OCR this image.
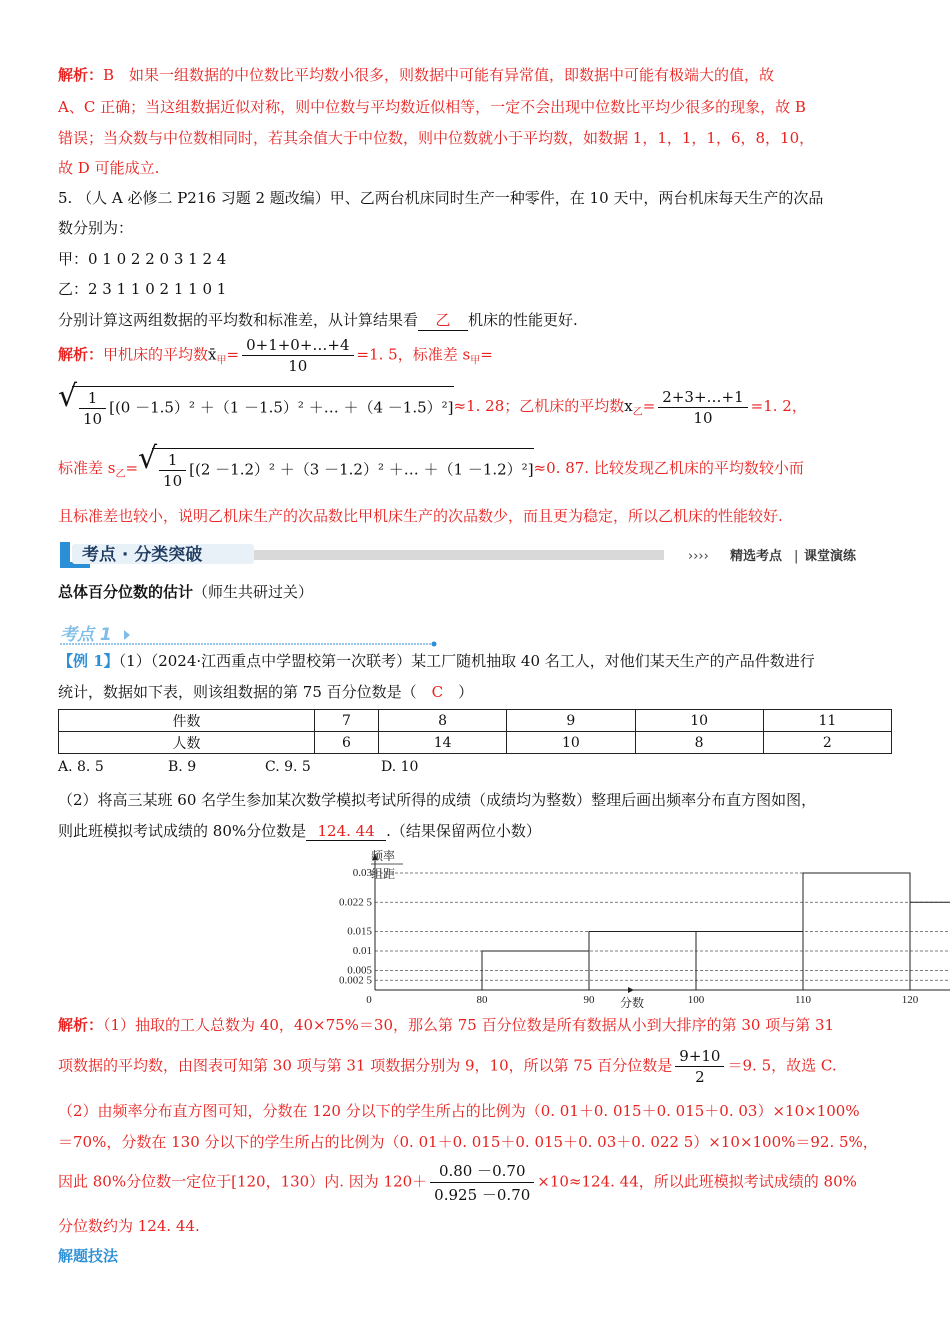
解析：B　如果一组数据的中位数比平均数小很多，则数据中可能有异常值，即数据中可能有极端大的值，故
A、C 正确；当这组数据近似对称，则中位数与平均数近似相等，一定不会出现中位数比平均少很多的现象，故 B
错误；当众数与中位数相同时，若其余值大于中位数，则中位数就小于平均数，如数据 1，1，1，1，6，8，10，
故 D 可能成立.
5. （人 A 必修二 P216 习题 2 题改编）甲、乙两台机床同时生产一种零件，在 10 天中，两台机床每天生产的次品
数分别为：
甲：0 1 0 2 2 0 3 1 2 4
乙：2 3 1 1 0 2 1 1 0 1
分别计算这两组数据的平均数和标准差，从计算结果看 乙 机床的性能更好.
解析：甲机床的平均数$x̄_甲= \frac{0+1+0+\dots+4}{10} =1$. 5，标准差 $s_甲=$
√ $\frac{1}{10} [(0 -1.5)^2 +(1 -1.5)^2$ ＋… ＋（4 －1.5）²]≈1. 28；乙机床的平均数$x_乙= \frac{2+3+\dots+1}{10} =1$. 2，
标准差 $s_乙=$ √ $\frac{1}{10} [(2 -1.2)^2 +(3 -1.2)^2$ ＋… ＋（1 －1.2）²]≈0. 87. 比较发现乙机床的平均数较小而
且标准差也较小，说明乙机床生产的次品数比甲机床生产的次品数少，而且更为稳定，所以乙机床的性能较好.
考点 · 分类突破	›››› 精选考点 | 课堂演练
总体百分位数的估计（师生共研过关）
考点 1
【例 1】（1）（2024·江西重点中学盟校第一次联考）某工厂随机抽取 40 名工人，对他们某天生产的产品件数进行
统计，数据如下表，则该组数据的第 75 百分位数是（　C　）
件数	7	8	9	10	11
人数	6	14	10	8	2
A. 8. 5	B. 9	C. 9. 5	D. 10
（2）将高三某班 60 名学生参加某次数学模拟考试所得的成绩（成绩均为整数）整理后画出频率分布直方图如图，
则此班模拟考试成绩的 80%分位数是 124. 44 .（结果保留两位小数）
0.03
0.022 5
0.015
0.01
0.005
0.002 5
80	90	100	110	120
0	分数
频率
组距
解析：（1）抽取的工人总数为 40，40×75%＝30，那么第 75 百分位数是所有数据从小到大排序的第 30 项与第 31
项数据的平均数，由图表可知第 30 项与第 31 项数据分别为 9，10，所以第 75 百分位数是 $\frac{9+10}{2} =9$. 5，故选 C.
（2）由频率分布直方图可知，分数在 120 分以下的学生所占的比例为（0. 01＋0. 015＋0. 015＋0. 03）×10×100%
＝70%，分数在 130 分以下的学生所占的比例为（0. 01＋0. 015＋0. 015＋0. 03＋0. 022 5）×10×100%＝92. 5%，
因此 80%分位数一定位于[120，130）内. 因为 $120+ \frac{0.80 -0.70}{0.925 -0.70} \times 10\approx 124$. 44，所以此班模拟考试成绩的 80%
分位数约为 124. 44.
解题技法
